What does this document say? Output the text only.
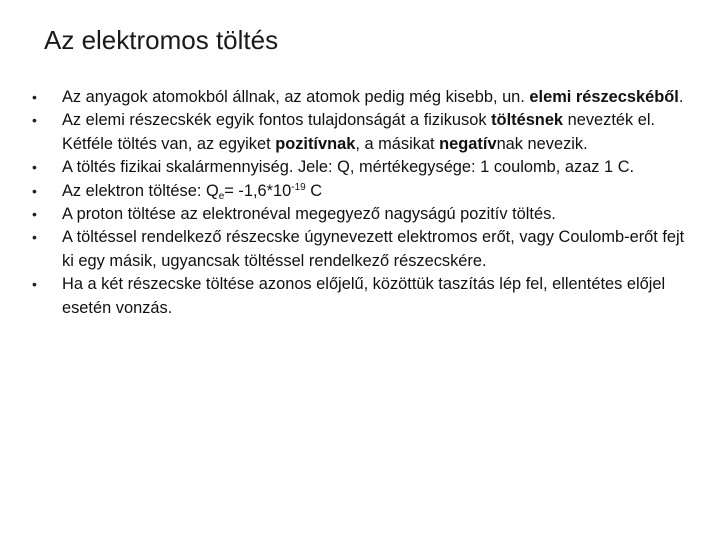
Az elektromos töltés
• Az anyagok atomokból állnak, az atomok pedig még kisebb, un. elemi részecskéből.
• Az elemi részecskék egyik fontos tulajdonságát a fizikusok töltésnek nevezték el. Kétféle töltés van, az egyiket pozitívnak, a másikat negatívnak nevezik.
• A töltés fizikai skalármennyiség. Jele: Q, mértékegysége: 1 coulomb, azaz 1 C.
• Az elektron töltése: $Q_e= -1,6*10^{-19}$ C
• A proton töltése az elektronéval megegyező nagyságú pozitív töltés.
• A töltéssel rendelkező részecske úgynevezett elektromos erőt, vagy Coulomb-erőt fejt ki egy másik, ugyancsak töltéssel rendelkező részecskére.
• Ha a két részecske töltése azonos előjelű, közöttük taszítás lép fel, ellentétes előjel esetén vonzás.
